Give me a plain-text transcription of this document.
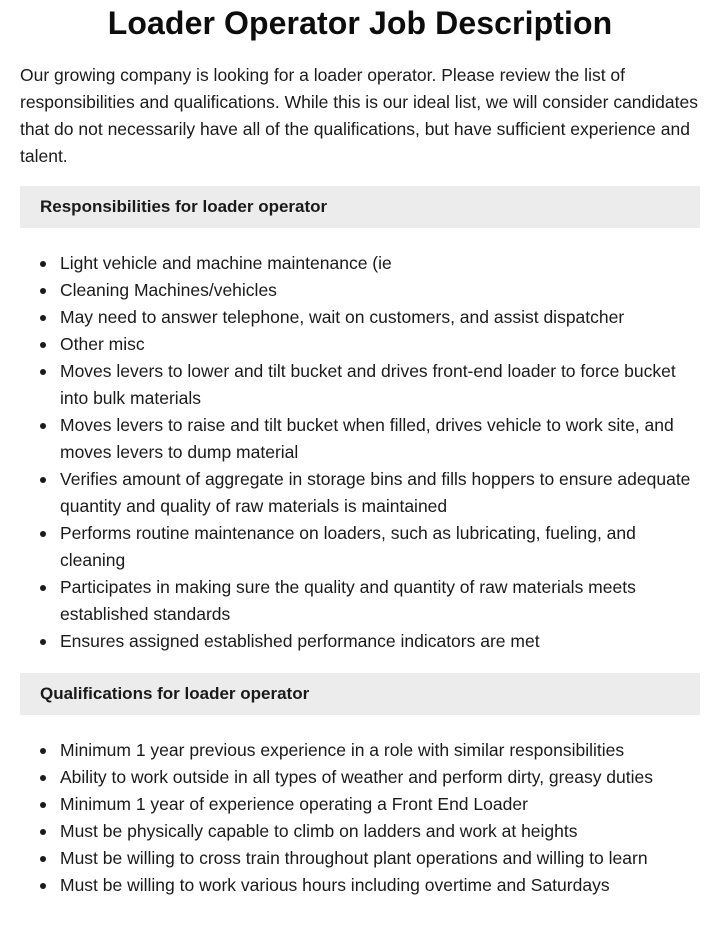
Loader Operator Job Description

Our growing company is looking for a loader operator. Please review the list of responsibilities and qualifications. While this is our ideal list, we will consider candidates that do not necessarily have all of the qualifications, but have sufficient experience and talent.

Responsibilities for loader operator
Light vehicle and machine maintenance (ie
Cleaning Machines/vehicles
May need to answer telephone, wait on customers, and assist dispatcher
Other misc
Moves levers to lower and tilt bucket and drives front-end loader to force bucket into bulk materials
Moves levers to raise and tilt bucket when filled, drives vehicle to work site, and moves levers to dump material
Verifies amount of aggregate in storage bins and fills hoppers to ensure adequate quantity and quality of raw materials is maintained
Performs routine maintenance on loaders, such as lubricating, fueling, and cleaning
Participates in making sure the quality and quantity of raw materials meets established standards
Ensures assigned established performance indicators are met
Qualifications for loader operator
Minimum 1 year previous experience in a role with similar responsibilities
Ability to work outside in all types of weather and perform dirty, greasy duties
Minimum 1 year of experience operating a Front End Loader
Must be physically capable to climb on ladders and work at heights
Must be willing to cross train throughout plant operations and willing to learn
Must be willing to work various hours including overtime and Saturdays
